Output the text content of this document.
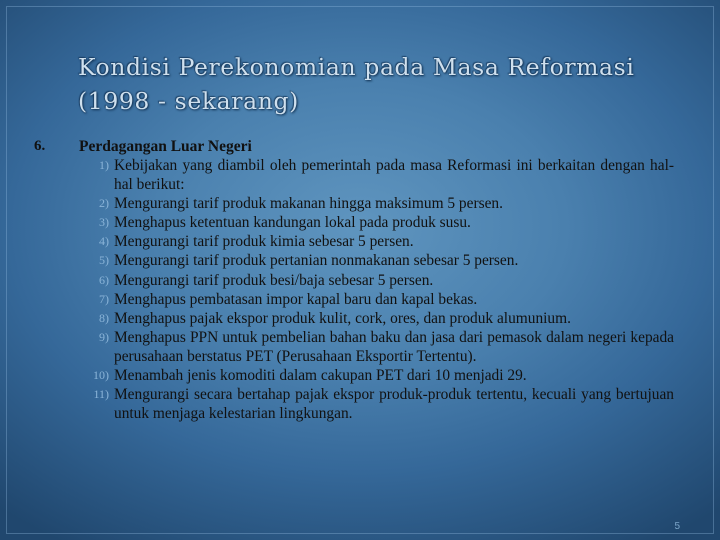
Kondisi Perekonomian pada Masa Reformasi
(1998 - sekarang)
6. Perdagangan Luar Negeri
1) Kebijakan yang diambil oleh pemerintah pada masa Reformasi ini berkaitan dengan hal-hal berikut:
2) Mengurangi tarif produk makanan hingga maksimum 5 persen.
3) Menghapus ketentuan kandungan lokal pada produk susu.
4) Mengurangi tarif produk kimia sebesar 5 persen.
5) Mengurangi tarif produk pertanian nonmakanan sebesar 5 persen.
6) Mengurangi tarif produk besi/baja sebesar 5 persen.
7) Menghapus pembatasan impor kapal baru dan kapal bekas.
8) Menghapus pajak ekspor produk kulit, cork, ores, dan produk alumunium.
9) Menghapus PPN untuk pembelian bahan baku dan jasa dari pemasok dalam negeri kepada perusahaan berstatus PET (Perusahaan Eksportir Tertentu).
10) Menambah jenis komoditi dalam cakupan PET dari 10 menjadi 29.
11) Mengurangi secara bertahap pajak ekspor produk-produk tertentu, kecuali yang bertujuan untuk menjaga kelestarian lingkungan.
5
